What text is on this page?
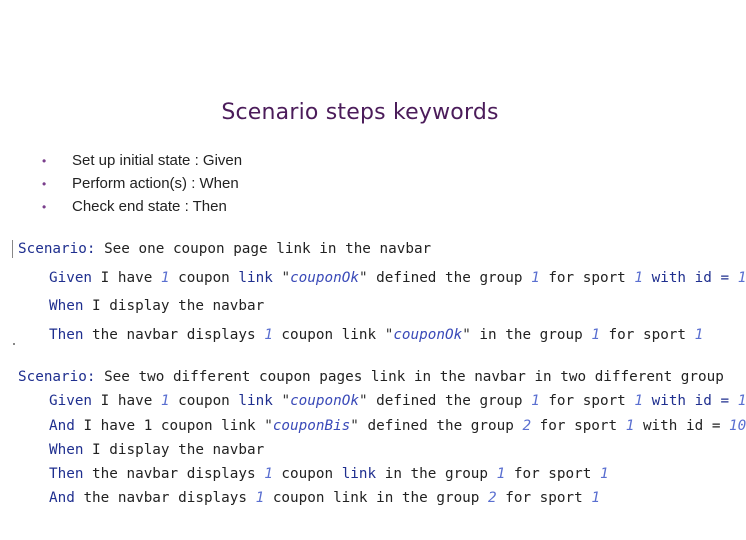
Scenario steps keywords
• Set up initial state : Given
• Perform action(s) : When
• Check end state : Then
Scenario: See one coupon page link in the navbar
Given I have 1 coupon link "couponOk" defined the group 1 for sport 1 with id = 1
When I display the navbar
Then the navbar displays 1 coupon link "couponOk" in the group 1 for sport 1
Scenario: See two different coupon pages link in the navbar in two different group
Given I have 1 coupon link "couponOk" defined the group 1 for sport 1 with id = 1
And I have 1 coupon link "couponBis" defined the group 2 for sport 1 with id = 10
When I display the navbar
Then the navbar displays 1 coupon link in the group 1 for sport 1
And the navbar displays 1 coupon link in the group 2 for sport 1
